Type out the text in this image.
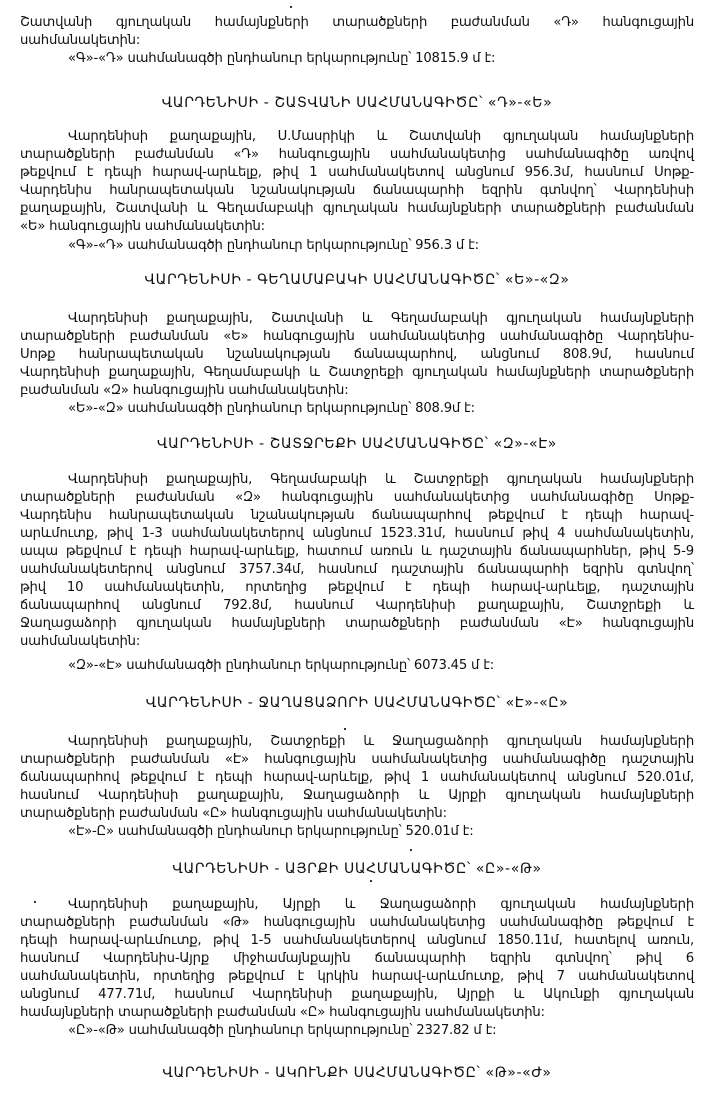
Շատվանի գյուղական համայնքների տարածքների բաժանման «Դ» հանգուցային
սահմանակետին:
«Գ»-«Դ» սահմանագծի ընդհանուր երկարությունը՝ 10815.9 մ է:
ՎԱՐԴԵՆԻՍԻ - ՇԱՏՎԱՆԻ ՍԱՀՄԱՆԱԳԻԾԸ՝ «Դ»-«Ե»
Վարդենիսի քաղաքային, Ս.Մասրիկի և Շատվանի գյուղական համայնքների
տարածքների բաժանման «Դ» հանգուցային սահմանակետից սահմանագիծը առվով
թեքվում է դեպի հարավ-արևելք, թիվ 1 սահմանակետով անցնում 956.3մ, հասնում Սոթք-
Վարդենիս հանրապետական նշանակության ճանապարհի եզրին գտնվող՝ Վարդենիսի
քաղաքային, Շատվանի և Գեղամաբակի գյուղական համայնքների տարածքների բաժանման
«Ե» հանգուցային սահմանակետին:
«Գ»-«Դ» սահմանագծի ընդհանուր երկարությունը՝ 956.3 մ է:
ՎԱՐԴԵՆԻՍԻ - ԳԵՂԱՄԱԲԱԿԻ ՍԱՀՄԱՆԱԳԻԾԸ՝ «Ե»-«Զ»
Վարդենիսի քաղաքային, Շատվանի և Գեղամաբակի գյուղական համայնքների
տարածքների բաժանման «Ե» հանգուցային սահմանակետից սահմանագիծը Վարդենիս-
Սոթք հանրապետական նշանակության ճանապարհով, անցնում 808.9մ, հասնում
Վարդենիսի քաղաքային, Գեղամաբակի և Շատջրեքի գյուղական համայնքների տարածքների
բաժանման «Զ» հանգուցային սահմանակետին:
«Ե»-«Զ» սահմանագծի ընդհանուր երկարությունը՝ 808.9մ է:
ՎԱՐԴԵՆԻՍԻ - ՇԱՏՋՐԵՔԻ ՍԱՀՄԱՆԱԳԻԾԸ՝ «Զ»-«Է»
Վարդենիսի քաղաքային, Գեղամաբակի և Շատջրեքի գյուղական համայնքների
տարածքների բաժանման «Զ» հանգուցային սահմանակետից սահմանագիծը Սոթք-
Վարդենիս հանրապետական նշանակության ճանապարհով թեքվում է դեպի հարավ-
արևմուտք, թիվ 1-3 սահմանակետերով անցնում 1523.31մ, հասնում թիվ 4 սահմանակետին,
ապա թեքվում է դեպի հարավ-արևելք, հատում առուն և դաշտային ճանապարհներ, թիվ 5-9
սահմանակետերով անցնում 3757.34մ, հասնում դաշտային ճանապարհի եզրին գտնվող՝
թիվ 10 սահմանակետին, որտեղից թեքվում է դեպի հարավ-արևելք, դաշտային
ճանապարհով անցնում 792.8մ, հասնում Վարդենիսի քաղաքային, Շատջրեքի և
Ջաղացաձորի գյուղական համայնքների տարածքների բաժանման «Է» հանգուցային
սահմանակետին:
«Զ»-«Է» սահմանագծի ընդհանուր երկարությունը՝ 6073.45 մ է:
ՎԱՐԴԵՆԻՍԻ - ՋԱՂԱՑԱՁՈՐԻ ՍԱՀՄԱՆԱԳԻԾԸ՝ «Է»-«Ը»
Վարդենիսի քաղաքային, Շատջրեքի և Ջաղացաձորի գյուղական համայնքների
տարածքների բաժանման «Է» հանգուցային սահմանակետից սահմանագիծը դաշտային
ճանապարհով թեքվում է դեպի հարավ-արևելք, թիվ 1 սահմանակետով անցնում 520.01մ,
հասնում Վարդենիսի քաղաքային, Ջաղացաձորի և Այրքի գյուղական համայնքների
տարածքների բաժանման «Ը» հանգուցային սահմանակետին:
«Է»-Ը» սահմանագծի ընդհանուր երկարությունը՝ 520.01մ է:
ՎԱՐԴԵՆԻՍԻ - ԱՅՐՔԻ ՍԱՀՄԱՆԱԳԻԾԸ՝ «Ը»-«Թ»
Վարդենիսի քաղաքային, Այրքի և Ջաղացաձորի գյուղական համայնքների
տարածքների բաժանման «Թ» հանգուցային սահմանակետից սահմանագիծը թեքվում է
դեպի հարավ-արևմուտք, թիվ 1-5 սահմանակետերով անցնում 1850.11մ, հատելով առուն,
հասնում Վարդենիս-Այրք միջհամայնքային ճանապարհի եզրին գտնվող՝ թիվ 6
սահմանակետին, որտեղից թեքվում է կրկին հարավ-արևմուտք, թիվ 7 սահմանակետով
անցնում 477.71մ, հասնում Վարդենիսի քաղաքային, Այրքի և Ակունքի գյուղական
համայնքների տարածքների բաժանման «Ը» հանգուցային սահմանակետին:
«Ը»-«Թ» սահմանագծի ընդհանուր երկարությունը՝ 2327.82 մ է:
ՎԱՐԴԵՆԻՍԻ - ԱԿՈՒՆՔԻ ՍԱՀՄԱՆԱԳԻԾԸ՝ «Թ»-«Ժ»
